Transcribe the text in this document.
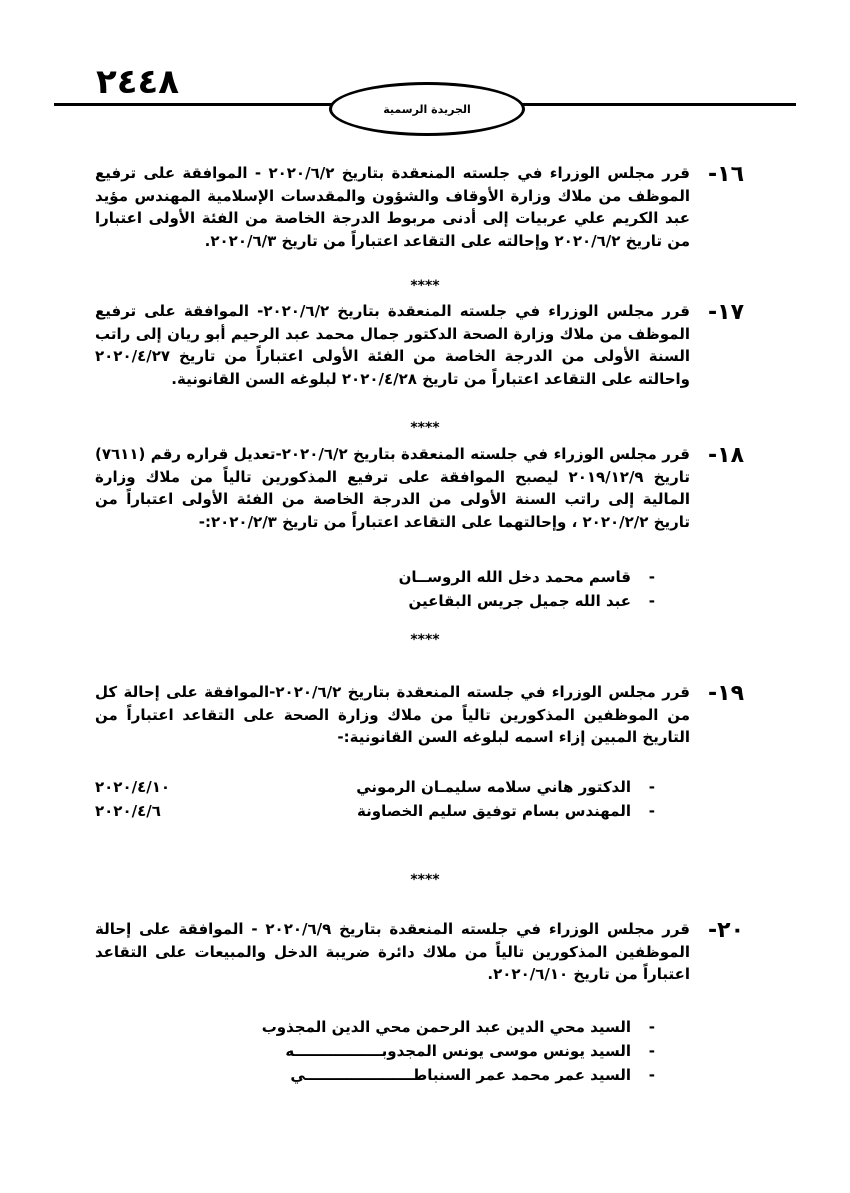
٢٤٤٨
الجريدة الرسمية
١٦-

قرر مجلس الوزراء في جلسته المنعقدة بتاريخ ٢٠٢٠/٦/٢ - الموافقة على ترفيع الموظف من ملاك وزارة الأوقاف والشؤون والمقدسات الإسلامية المهندس مؤيد عبد الكريم علي عربيات إلى أدنى مربوط الدرجة الخاصة من الفئة الأولى اعتبارا من تاريخ ٢٠٢٠/٦/٢ وإحالته على التقاعد اعتباراً من تاريخ ٢٠٢٠/٦/٣.

****
١٧-

قرر مجلس الوزراء في جلسته المنعقدة بتاريخ ٢٠٢٠/٦/٢- الموافقة على ترفيع الموظف من ملاك وزارة الصحة الدكتور جمال محمد عبد الرحيم أبو ريان إلى راتب السنة الأولى من الدرجة الخاصة من الفئة الأولى اعتباراً من تاريخ ٢٠٢٠/٤/٢٧ واحالته على التقاعد اعتباراً من تاريخ ٢٠٢٠/٤/٢٨ لبلوغه السن القانونية.

****
١٨-

قرر مجلس الوزراء في جلسته المنعقدة بتاريخ ٢٠٢٠/٦/٢-تعديل قراره رقم (٧٦١١) تاريخ ٢٠١٩/١٢/٩ ليصبح الموافقة على ترفيع المذكورين تالياً من ملاك وزارة المالية إلى راتب السنة الأولى من الدرجة الخاصة من الفئة الأولى اعتباراً من تاريخ ٢٠٢٠/٢/٢ ، وإحالتهما على التقاعد اعتباراً من تاريخ ٢٠٢٠/٢/٣:-

-قاسم محمد دخل الله الروســان
-عبد الله جميل جريس البقاعين
****
١٩-

قرر مجلس الوزراء في جلسته المنعقدة بتاريخ ٢٠٢٠/٦/٢-الموافقة على إحالة كل من الموظفين المذكورين تالياً من ملاك وزارة الصحة على التقاعد اعتباراً من التاريخ المبين إزاء اسمه لبلوغه السن القانونية:-

-الدكتور هاني سلامه سليمـان الرموني
٢٠٢٠/٤/١٠
-المهندس بسام توفيق سليم الخصاونة
٢٠٢٠/٤/٦
****
٢٠-

قرر مجلس الوزراء في جلسته المنعقدة بتاريخ ٢٠٢٠/٦/٩ - الموافقة على إحالة الموظفين المذكورين تالياً من ملاك دائرة ضريبة الدخل والمبيعات على التقاعد اعتباراً من تاريخ ٢٠٢٠/٦/١٠.

-السيد محي الدين عبد الرحمن محي الدين المجذوب
-السيد يونس موسى يونس المجدوبـــــــــــــــــه
-السيد عمر محمد عمر السنباطـــــــــــــــــــــي
